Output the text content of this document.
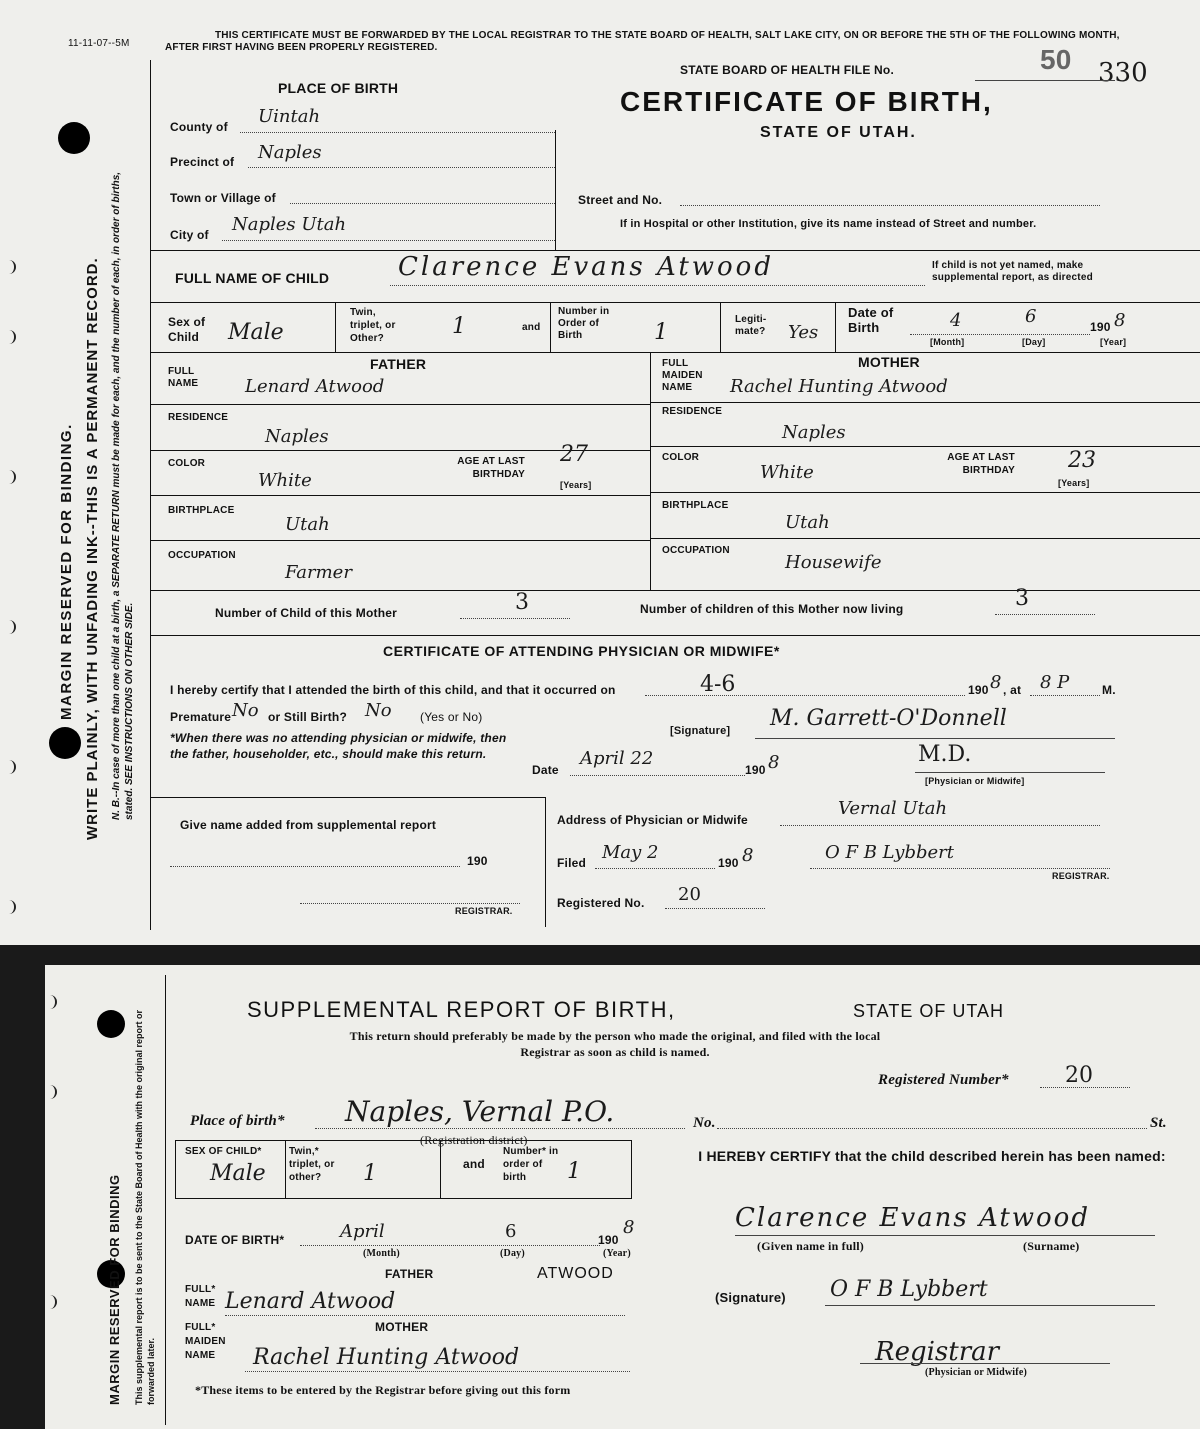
MARGIN RESERVED FOR BINDING. WRITE PLAINLY, WITH UNFADING INK--THIS IS A PERMANENT RECORD. N. B.--In case of more than one child at a birth, a SEPARATE RETURN must be made for each, and the number of each, in order of births, stated. SEE INSTRUCTIONS ON OTHER SIDE.
11-11-07--5M
THIS CERTIFICATE MUST BE FORWARDED BY THE LOCAL REGISTRAR TO THE STATE BOARD OF HEALTH, SALT LAKE CITY, ON OR BEFORE THE 5TH OF THE FOLLOWING MONTH, AFTER FIRST HAVING BEEN PROPERLY REGISTERED.
STATE BOARD OF HEALTH FILE No.	50 330
CERTIFICATE OF BIRTH,
STATE OF UTAH.
PLACE OF BIRTH
County of Uintah
Precinct of Naples
Town or Village of
City of Naples Utah
Street and No.
If in Hospital or other Institution, give its name instead of Street and number.
FULL NAME OF CHILD	Clarence Evans Atwood	If child is not yet named, make supplemental report, as directed
Sex of Child	Male
Twin, triplet, or Other?	1	and
Number in Order of Birth	1
Legiti-mate?	Yes
Date of Birth	4	6	190 8
[Month]	[Day]	[Year]
FATHER	MOTHER
FULL NAME	Lenard Atwood
RESIDENCE
Naples
COLOR
White
AGE AT LAST BIRTHDAY
27
[Years]
BIRTHPLACE
Utah
OCCUPATION
Farmer
FULL MAIDEN NAME	Rachel Hunting Atwood
RESIDENCE
Naples
COLOR
White
AGE AT LAST BIRTHDAY 23
[Years]
BIRTHPLACE
Utah
OCCUPATION
Housewife
Number of Child of this Mother	3	Number of children of this Mother now living	3
CERTIFICATE OF ATTENDING PHYSICIAN OR MIDWIFE*
I hereby certify that I attended the birth of this child, and that it occurred on	4-6	190 8 , at 8 P	M.
Premature No or Still Birth? No (Yes or No)
*When there was no attending physician or midwife, then the father, householder, etc., should make this return.
[Signature] M. Garrett-O'Donnell
Date
April 22
190 8	M.D.
[Physician or Midwife]
Give name added from supplemental report
190
REGISTRAR.
Address of Physician or Midwife
Vernal Utah
Filed May 2	190 8	O F B Lybbert
REGISTRAR.
Registered No. 20
MARGIN RESERVED FOR BINDING This supplemental report is to be sent to the State Board of Health with the original report or forwarded later.
SUPPLEMENTAL REPORT OF BIRTH,	STATE OF UTAH
This return should preferably be made by the person who made the original, and filed with the local Registrar as soon as child is named.
Registered Number*	20
Place of birth* Naples, Vernal P.O.
(Registration district)
No.	St.
SEX OF CHILD*
Male
Twin,* triplet, or other?	1	and
Number* in order of birth	1
I HEREBY CERTIFY that the child described herein has been named:
DATE OF BIRTH*	April	6	190
8
(Month)	(Day)	(Year)
Clarence Evans Atwood
(Given name in full)	(Surname)
FATHER
FULL* NAME Lenard Atwood
ATWOOD
(Signature) O F B Lybbert
MOTHER
FULL* MAIDEN NAME	Rachel Hunting Atwood	Registrar
(Physician or Midwife)
*These items to be entered by the Registrar before giving out this form
